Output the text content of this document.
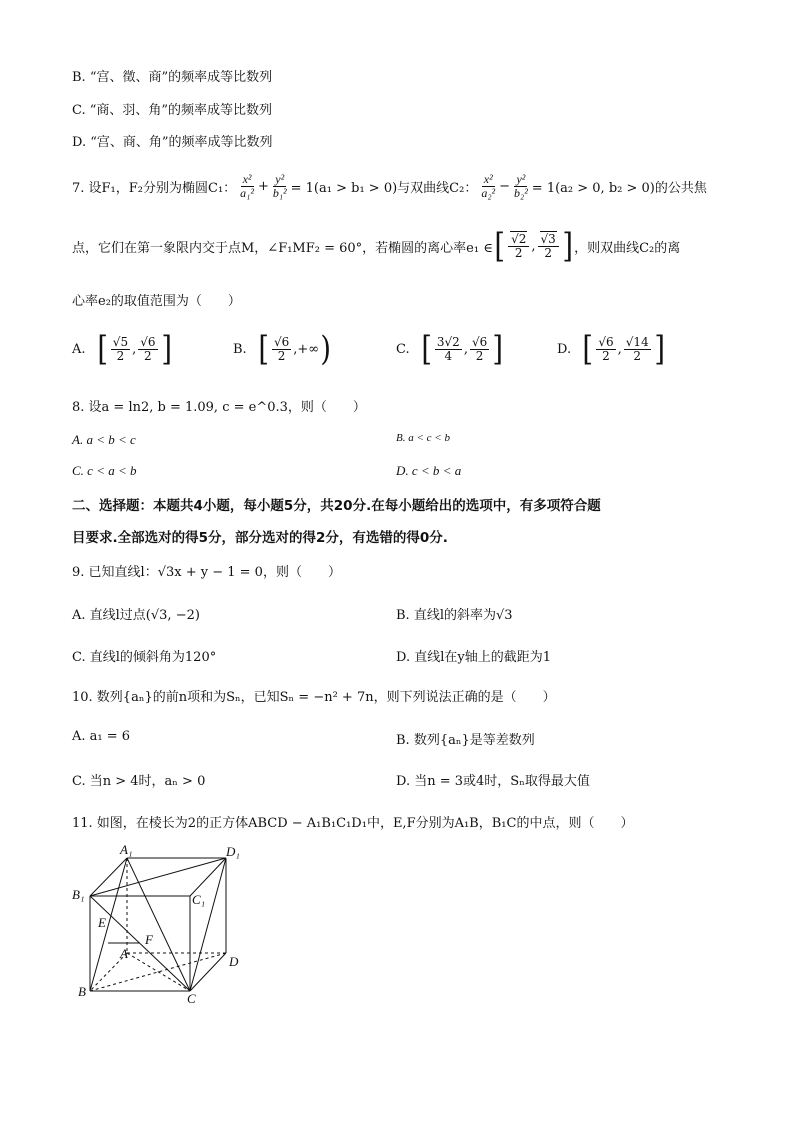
B. “宫、徵、商”的频率成等比数列
C. “商、羽、角”的频率成等比数列
D. “宫、商、角”的频率成等比数列
7. 设F₁，F₂分别为椭圆C₁： $\frac{\text{x²}}{\text{a₁²}} + \frac{\text{y²}}{\text{b₁²}} = 1(a_1 > b_1 > 0)$与双曲线C₂： $\frac{\text{x²}}{\text{a₂²}} - \frac{\text{y²}}{\text{b₂²}} = 1(a_2 > 0$, b₂ > 0)的公共焦
点，它们在第一象限内交于点M，∠F₁MF₂ = 60°，若椭圆的离心率e₁ ∈ [ $\frac{√2}{2}$ , $\frac{√3}{2}$ ] ，则双曲线C₂的离
心率e₂的取值范围为（　　）
A. [ $\frac{√5}{2}$ , $\frac{√6}{2}$ ]	B. [ $\frac{√6}{2}$ ,+∞ )	C. [ $\frac{3√2}{4}$ , $\frac{√6}{2}$ ]	D. [ $\frac{√6}{2}$ , $\frac{√14}{2}$ ]
8. 设a = ln2, b = 1.09, c = e^0.3，则（　　）
A. a < b < c	B. a < c < b
C. c < a < b	D. c < b < a
二、选择题：本题共4小题，每小题5分，共20分.在每小题给出的选项中，有多项符合题
目要求.全部选对的得5分，部分选对的得2分，有选错的得0分.
9. 已知直线l：√3x + y − 1 = 0，则（　　）
A. 直线l过点(√3, −2)	B. 直线l的斜率为√3
C. 直线l的倾斜角为120°	D. 直线l在y轴上的截距为1
10. 数列{aₙ}的前n项和为Sₙ，已知Sₙ = −n² + 7n，则下列说法正确的是（　　）
A. a₁ = 6	B. 数列{aₙ}是等差数列
C. 当n > 4时，aₙ > 0	D. 当n = 3或4时，Sₙ取得最大值
11. 如图，在棱长为2的正方体ABCD − A₁B₁C₁D₁中，E,F分别为A₁B，B₁C的中点，则（　　）
A₁	D₁
B₁	C₁
E
F
A
D
B	C
